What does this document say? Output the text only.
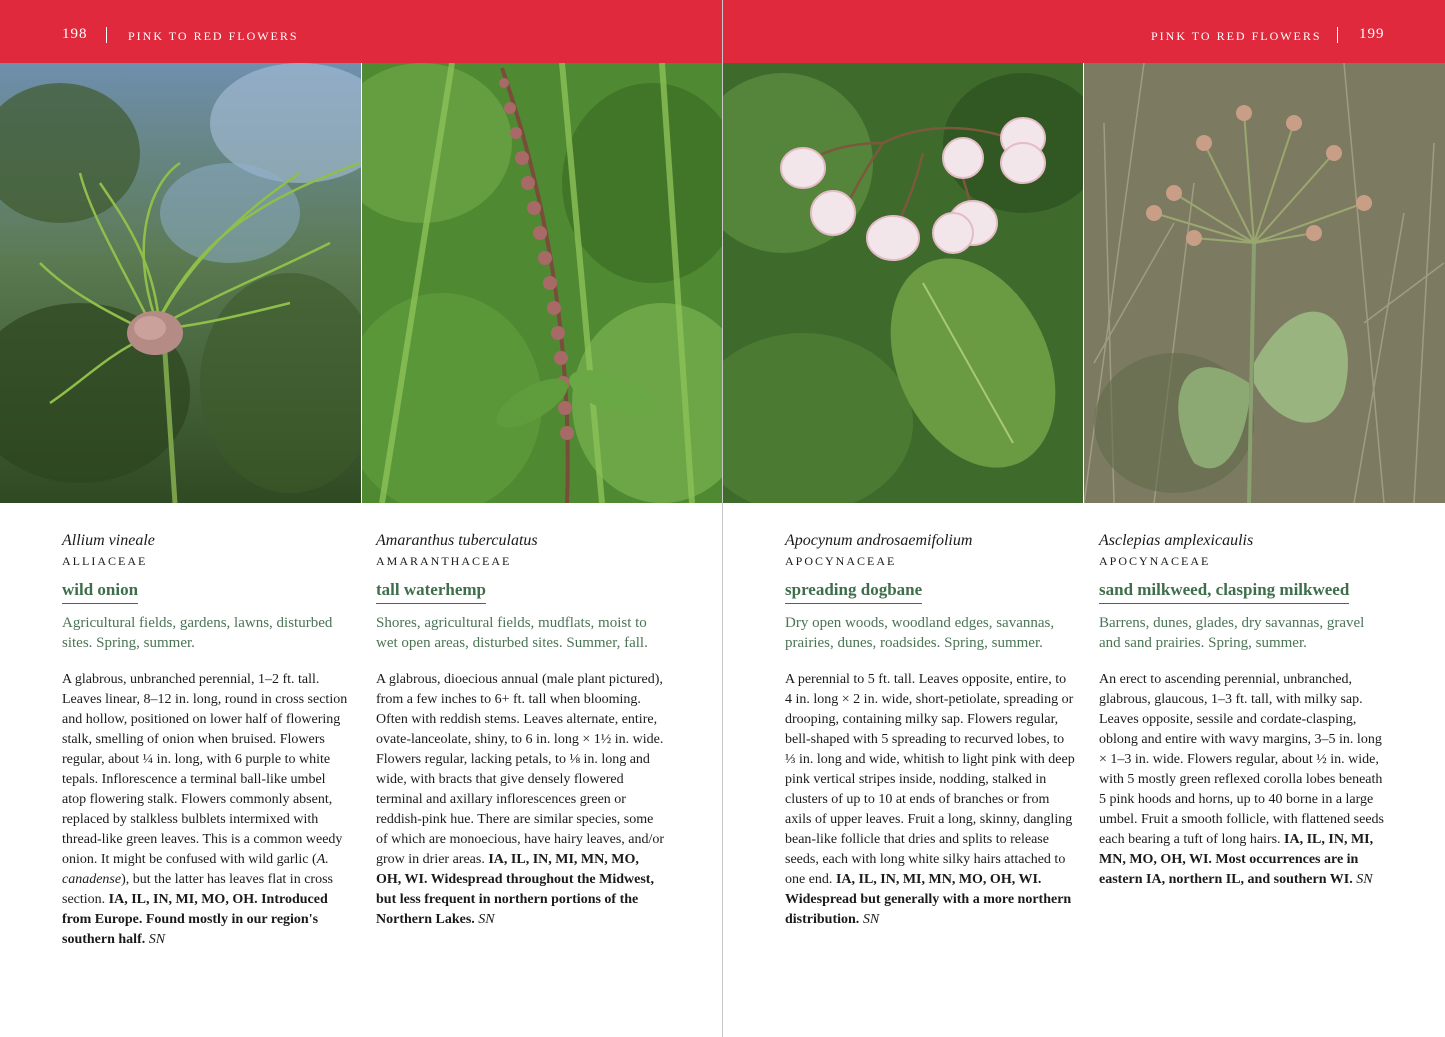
198	PINK TO RED FLOWERS
Allium vineale
ALLIACEAE
wild onion
Agricultural fields, gardens, lawns, disturbed sites. Spring, summer.
A glabrous, unbranched perennial, 1–2 ft. tall. Leaves linear, 8–12 in. long, round in cross section and hollow, positioned on lower half of flowering stalk, smelling of onion when bruised. Flowers regular, about ¼ in. long, with 6 purple to white tepals. Inflorescence a terminal ball-like umbel atop flowering stalk. Flowers commonly absent, replaced by stalkless bulblets intermixed with thread-like green leaves. This is a common weedy onion. It might be confused with wild garlic (A. canadense), but the latter has leaves flat in cross section. IA, IL, IN, MI, MO, OH. Introduced from Europe. Found mostly in our region's southern half. SN
Amaranthus tuberculatus
AMARANTHACEAE
tall waterhemp
Shores, agricultural fields, mudflats, moist to wet open areas, disturbed sites. Summer, fall.
A glabrous, dioecious annual (male plant pictured), from a few inches to 6+ ft. tall when blooming. Often with reddish stems. Leaves alternate, entire, ovate-lanceolate, shiny, to 6 in. long × 1½ in. wide. Flowers regular, lacking petals, to ⅛ in. long and wide, with bracts that give densely flowered terminal and axillary inflorescences green or reddish-pink hue. There are similar species, some of which are monoecious, have hairy leaves, and/or grow in drier areas. IA, IL, IN, MI, MN, MO, OH, WI. Widespread throughout the Midwest, but less frequent in northern portions of the Northern Lakes. SN
PINK TO RED FLOWERS 199
Apocynum androsaemifolium
APOCYNACEAE
spreading dogbane
Dry open woods, woodland edges, savannas, prairies, dunes, roadsides. Spring, summer.
A perennial to 5 ft. tall. Leaves opposite, entire, to 4 in. long × 2 in. wide, short-petiolate, spreading or drooping, containing milky sap. Flowers regular, bell-shaped with 5 spreading to recurved lobes, to ⅓ in. long and wide, whitish to light pink with deep pink vertical stripes inside, nodding, stalked in clusters of up to 10 at ends of branches or from axils of upper leaves. Fruit a long, skinny, dangling bean-like follicle that dries and splits to release seeds, each with long white silky hairs attached to one end. IA, IL, IN, MI, MN, MO, OH, WI. Widespread but generally with a more northern distribution. SN
Asclepias amplexicaulis
APOCYNACEAE
sand milkweed, clasping milkweed
Barrens, dunes, glades, dry savannas, gravel and sand prairies. Spring, summer.
An erect to ascending perennial, unbranched, glabrous, glaucous, 1–3 ft. tall, with milky sap. Leaves opposite, sessile and cordate-clasping, oblong and entire with wavy margins, 3–5 in. long × 1–3 in. wide. Flowers regular, about ½ in. wide, with 5 mostly green reflexed corolla lobes beneath 5 pink hoods and horns, up to 40 borne in a large umbel. Fruit a smooth follicle, with flattened seeds each bearing a tuft of long hairs. IA, IL, IN, MI, MN, MO, OH, WI. Most occurrences are in eastern IA, northern IL, and southern WI. SN
